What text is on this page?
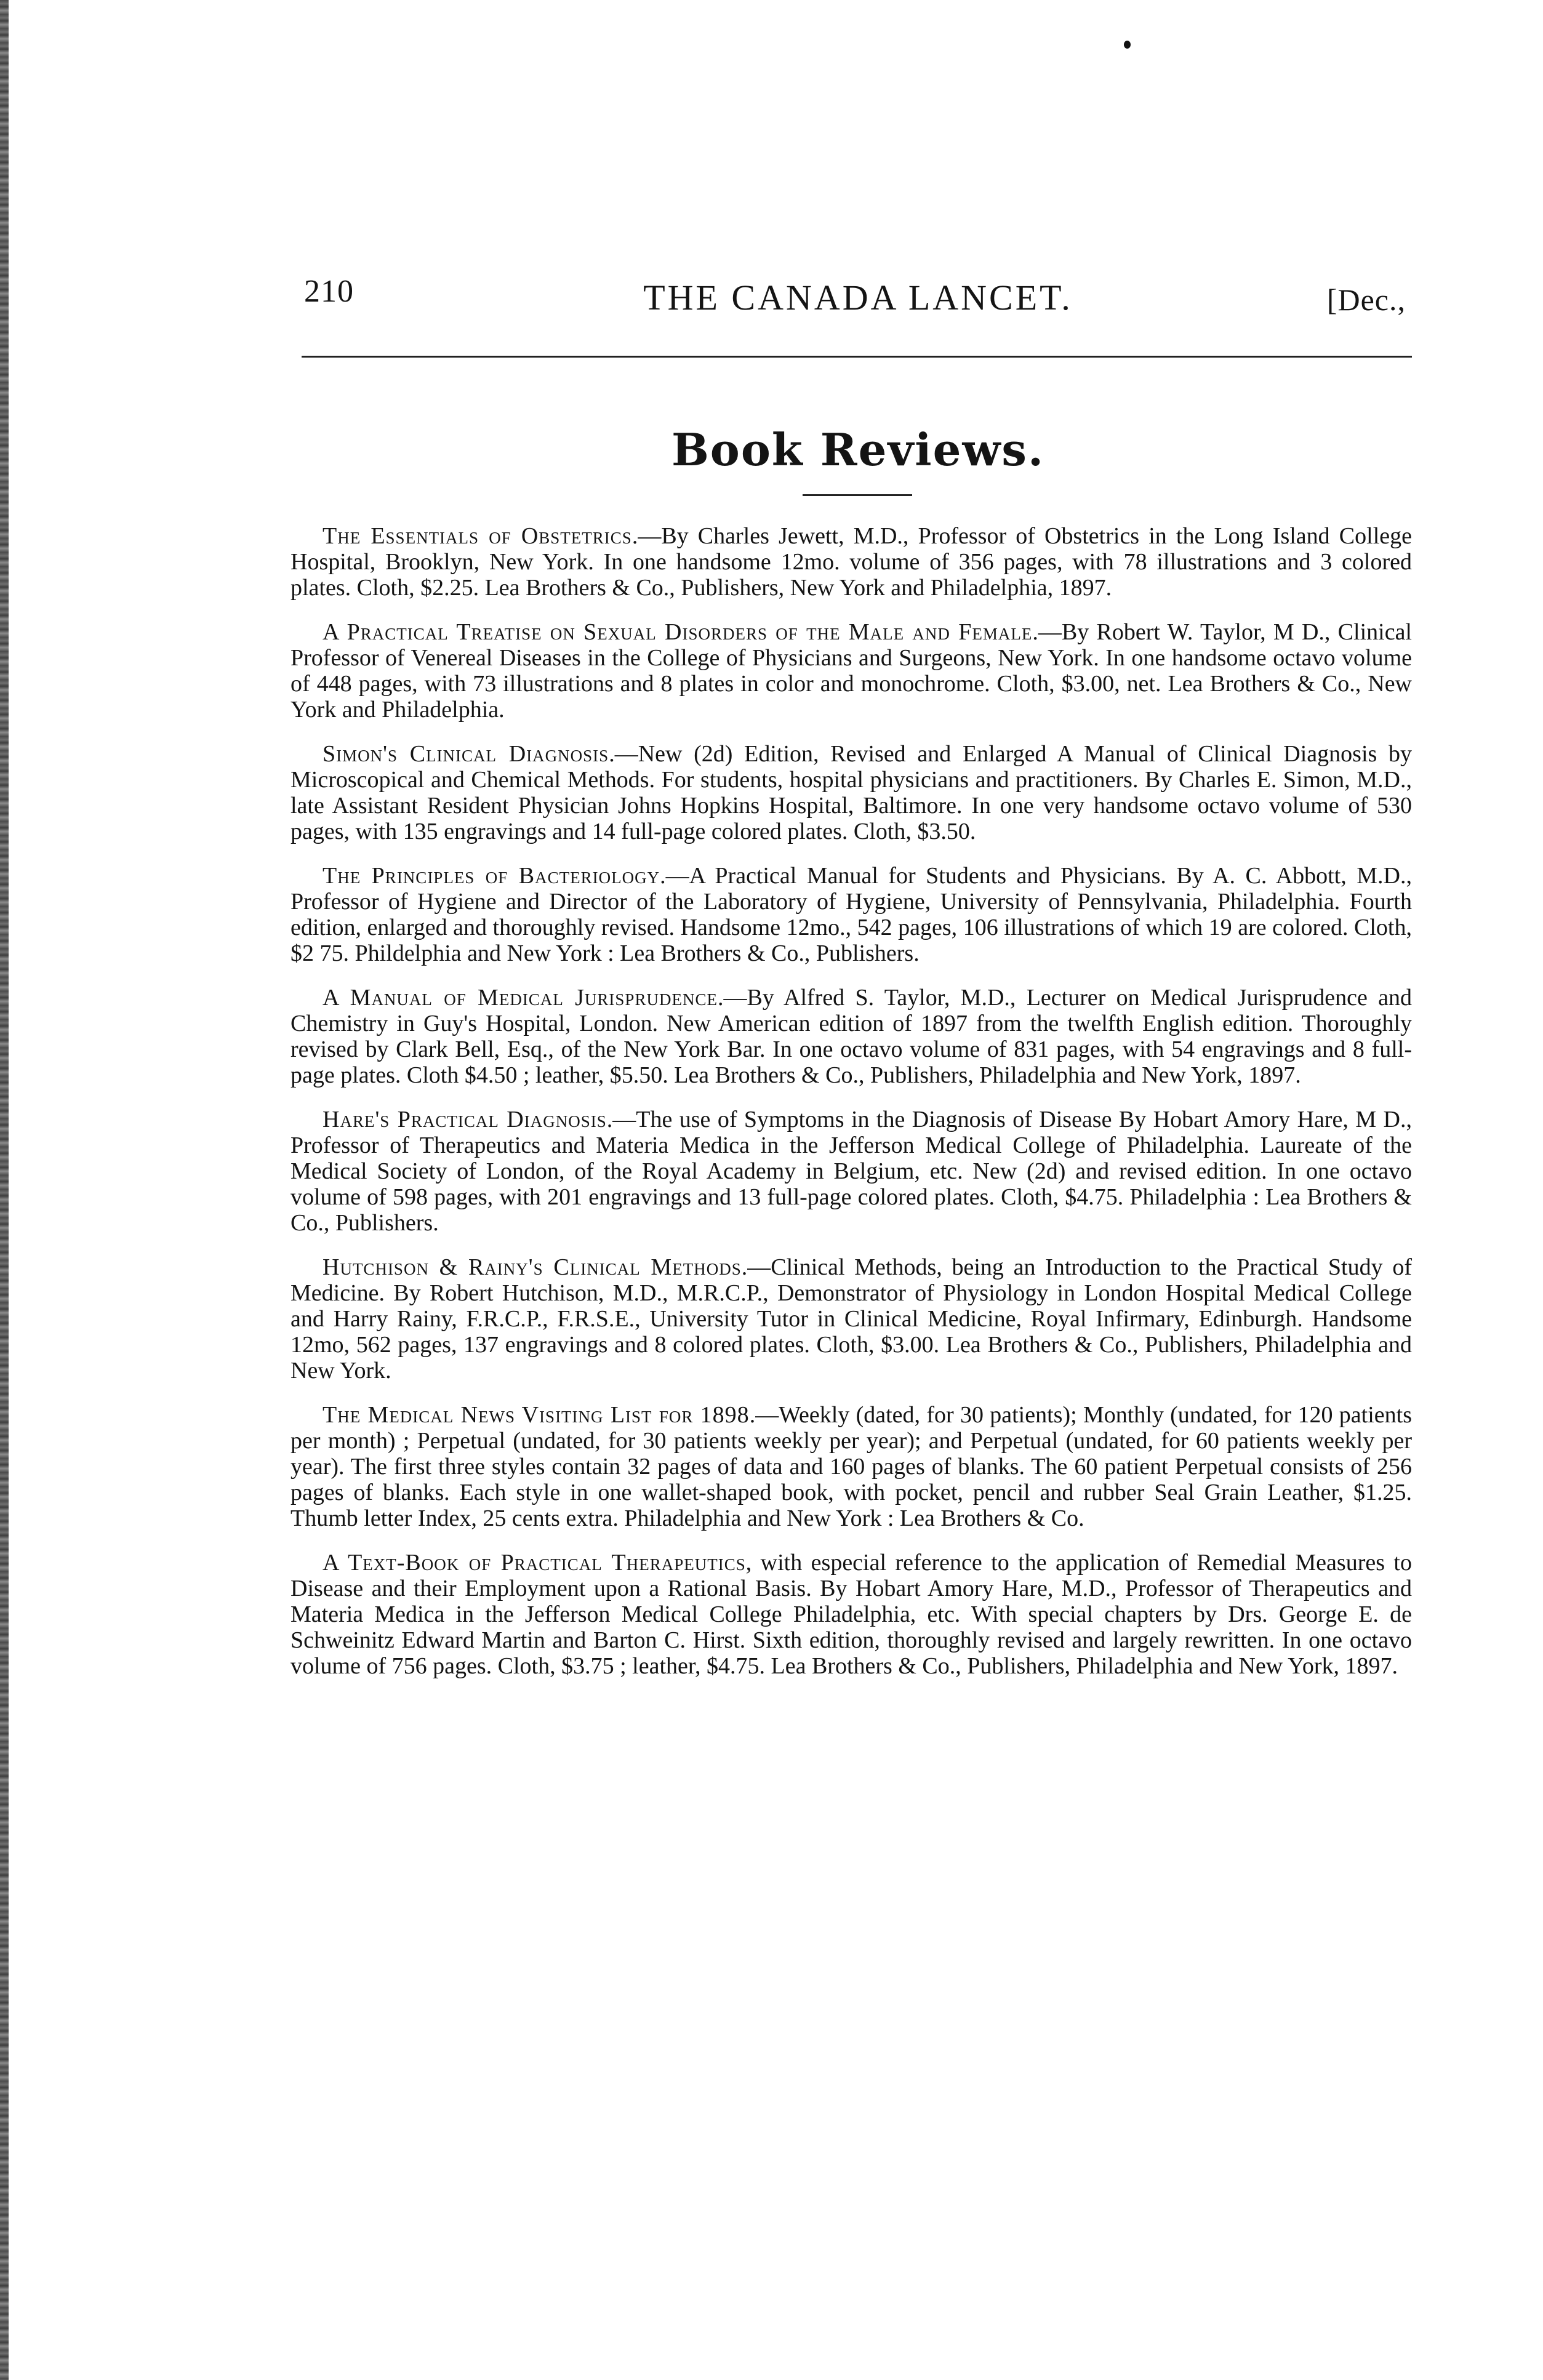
210	THE CANADA LANCET.	[Dec.,
Book Reviews.

The Essentials of Obstetrics.—By Charles Jewett, M.D., Professor of Obstetrics in the Long Island College Hospital, Brooklyn, New York. In one handsome 12mo. volume of 356 pages, with 78 illustrations and 3 colored plates. Cloth, $2.25. Lea Brothers & Co., Publishers, New York and Philadelphia, 1897.

A Practical Treatise on Sexual Disorders of the Male and Female.—By Robert W. Taylor, M D., Clinical Professor of Venereal Diseases in the College of Physicians and Surgeons, New York. In one handsome octavo volume of 448 pages, with 73 illustrations and 8 plates in color and monochrome. Cloth, $3.00, net. Lea Brothers & Co., New York and Philadelphia.

Simon's Clinical Diagnosis.—New (2d) Edition, Revised and Enlarged A Manual of Clinical Diagnosis by Microscopical and Chemical Methods. For students, hospital physicians and practitioners. By Charles E. Simon, M.D., late Assistant Resident Physician Johns Hopkins Hospital, Baltimore. In one very handsome octavo volume of 530 pages, with 135 engravings and 14 full-page colored plates. Cloth, $3.50.

The Principles of Bacteriology.—A Practical Manual for Students and Physicians. By A. C. Abbott, M.D., Professor of Hygiene and Director of the Laboratory of Hygiene, University of Pennsylvania, Philadelphia. Fourth edition, enlarged and thoroughly revised. Handsome 12mo., 542 pages, 106 illustrations of which 19 are colored. Cloth, $2 75. Phildelphia and New York : Lea Brothers & Co., Publishers.

A Manual of Medical Jurisprudence.—By Alfred S. Taylor, M.D., Lecturer on Medical Jurisprudence and Chemistry in Guy's Hospital, London. New American edition of 1897 from the twelfth English edition. Thoroughly revised by Clark Bell, Esq., of the New York Bar. In one octavo volume of 831 pages, with 54 engravings and 8 full-page plates. Cloth $4.50 ; leather, $5.50. Lea Brothers & Co., Publishers, Philadelphia and New York, 1897.

Hare's Practical Diagnosis.—The use of Symptoms in the Diagnosis of Disease By Hobart Amory Hare, M D., Professor of Therapeutics and Materia Medica in the Jefferson Medical College of Philadelphia. Laureate of the Medical Society of London, of the Royal Academy in Belgium, etc. New (2d) and revised edition. In one octavo volume of 598 pages, with 201 engravings and 13 full-page colored plates. Cloth, $4.75. Philadelphia : Lea Brothers & Co., Publishers.

Hutchison & Rainy's Clinical Methods.—Clinical Methods, being an Introduction to the Practical Study of Medicine. By Robert Hutchison, M.D., M.R.C.P., Demonstrator of Physiology in London Hospital Medical College and Harry Rainy, F.R.C.P., F.R.S.E., University Tutor in Clinical Medicine, Royal Infirmary, Edinburgh. Handsome 12mo, 562 pages, 137 engravings and 8 colored plates. Cloth, $3.00. Lea Brothers & Co., Publishers, Philadelphia and New York.

The Medical News Visiting List for 1898.—Weekly (dated, for 30 patients); Monthly (undated, for 120 patients per month) ; Perpetual (undated, for 30 patients weekly per year); and Perpetual (undated, for 60 patients weekly per year). The first three styles contain 32 pages of data and 160 pages of blanks. The 60 patient Perpetual consists of 256 pages of blanks. Each style in one wallet-shaped book, with pocket, pencil and rubber Seal Grain Leather, $1.25. Thumb letter Index, 25 cents extra. Philadelphia and New York : Lea Brothers & Co.

A Text-Book of Practical Therapeutics, with especial reference to the application of Remedial Measures to Disease and their Employment upon a Rational Basis. By Hobart Amory Hare, M.D., Professor of Therapeutics and Materia Medica in the Jefferson Medical College Philadelphia, etc. With special chapters by Drs. George E. de Schweinitz Edward Martin and Barton C. Hirst. Sixth edition, thoroughly revised and largely rewritten. In one octavo volume of 756 pages. Cloth, $3.75 ; leather, $4.75. Lea Brothers & Co., Publishers, Philadelphia and New York, 1897.
